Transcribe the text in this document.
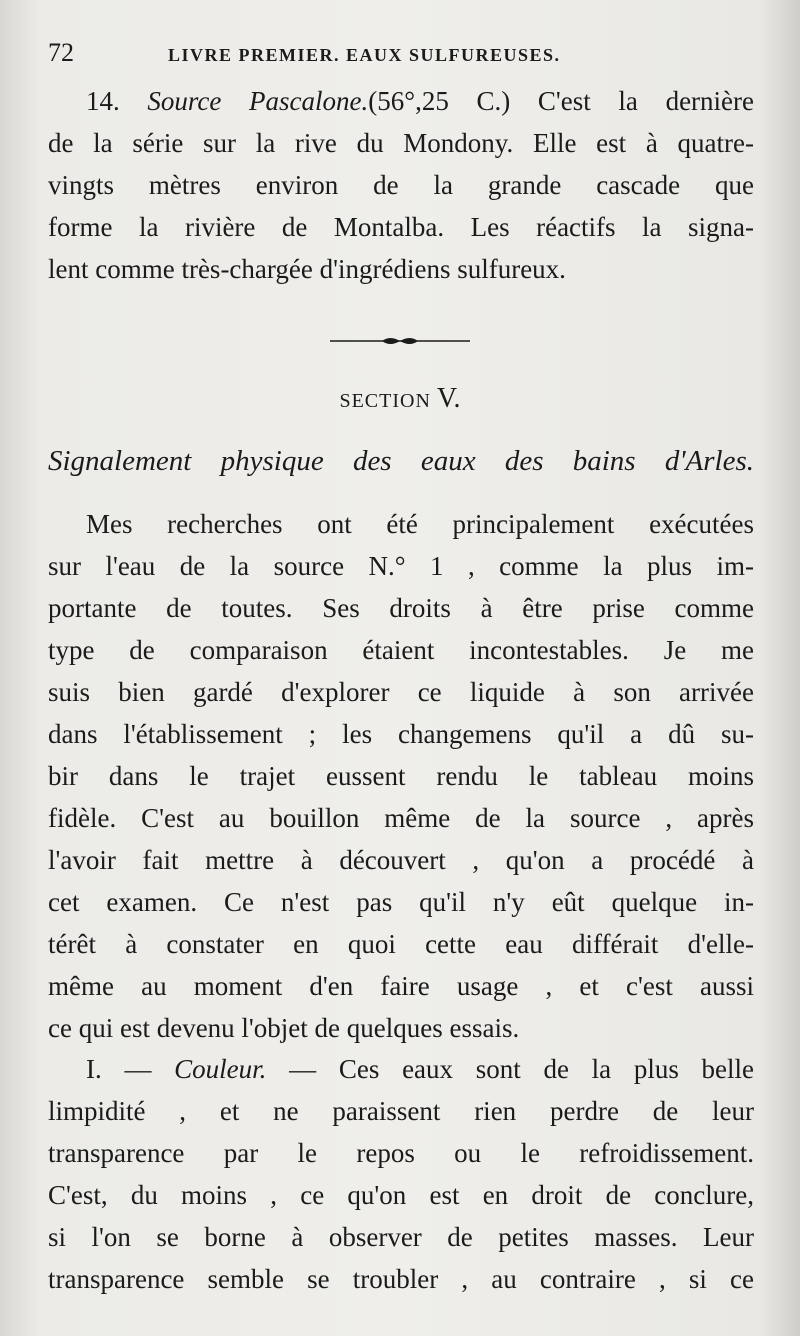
72	LIVRE PREMIER. EAUX SULFUREUSES.
14. Source Pascalone.(56°,25 C.) C'est la dernière
de la série sur la rive du Mondony. Elle est à quatre-
vingts mètres environ de la grande cascade que
forme la rivière de Montalba. Les réactifs la signa-
lent comme très-chargée d'ingrédiens sulfureux.
SECTION V.
Signalement physique des eaux des bains d'Arles.
Mes recherches ont été principalement exécutées
sur l'eau de la source N.° 1 , comme la plus im-
portante de toutes. Ses droits à être prise comme
type de comparaison étaient incontestables. Je me
suis bien gardé d'explorer ce liquide à son arrivée
dans l'établissement ; les changemens qu'il a dû su-
bir dans le trajet eussent rendu le tableau moins
fidèle. C'est au bouillon même de la source , après
l'avoir fait mettre à découvert , qu'on a procédé à
cet examen. Ce n'est pas qu'il n'y eût quelque in-
térêt à constater en quoi cette eau différait d'elle-
même au moment d'en faire usage , et c'est aussi
ce qui est devenu l'objet de quelques essais.
I. — Couleur. — Ces eaux sont de la plus belle
limpidité , et ne paraissent rien perdre de leur
transparence par le repos ou le refroidissement.
C'est, du moins , ce qu'on est en droit de conclure,
si l'on se borne à observer de petites masses. Leur
transparence semble se troubler , au contraire , si ce
